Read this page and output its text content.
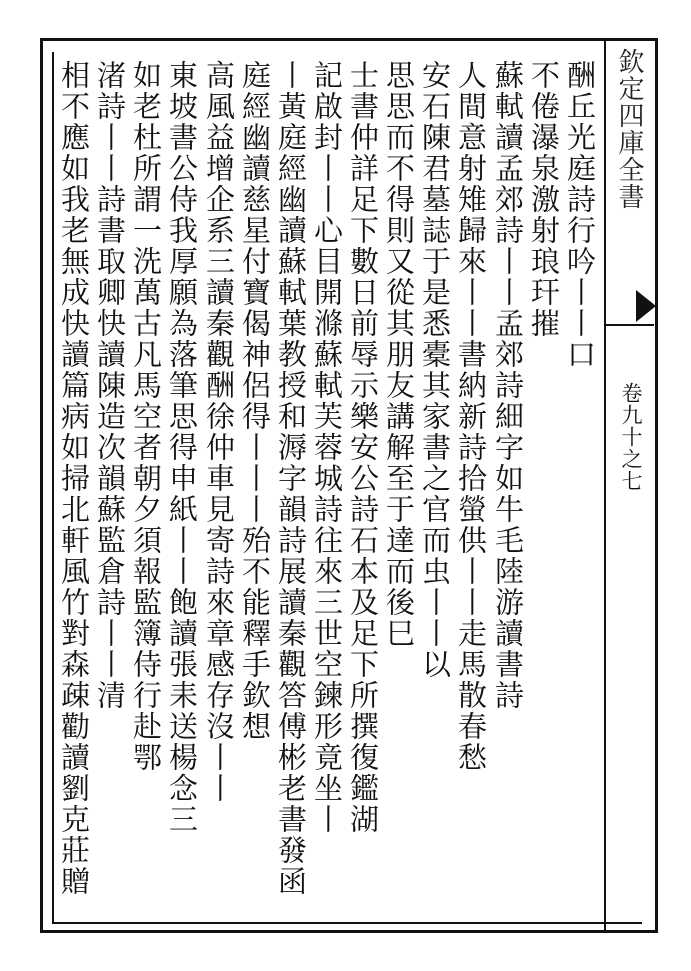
欽定四庫全書
卷九十之七
酬丘光庭詩行吟丨丨口
不倦瀑泉激射琅玕摧
蘇軾讀孟郊詩丨丨孟郊詩細字如牛毛陸游讀書詩
人間意射雉歸來丨丨書納新詩拾螢供丨丨走馬散春愁
安石陳君墓誌于是悉橐其家書之官而⾍丨丨以
思思而不得則又從其朋友講解至于達而後巳
士書仲詳足下數日前辱示樂安公詩石本及足下所撰復鑑湖
記啟封丨丨心目開滌蘇軾芙蓉城詩往來三世空鍊形竟坐丨
丨黃庭經幽讀蘇軾葉教授和溽字韻詩展讀秦觀答傅彬老書發函
庭經幽讀慈星付寶偈神侶得丨丨丨殆不能釋手欽想
高風益增企系三讀秦觀酬徐仲車見寄詩來章感存沒丨丨
東坡書公侍我厚願為落筆思得申紙丨丨飽讀張耒送楊念三
如老杜所謂一洗萬古凡馬空者朝夕須報監簿侍行赴鄂
渚詩丨丨詩書取卿快讀陳造次韻蘇監倉詩丨丨清
相不應如我老無成快讀篇病如掃北軒風竹對森疎勸讀劉克莊贈
